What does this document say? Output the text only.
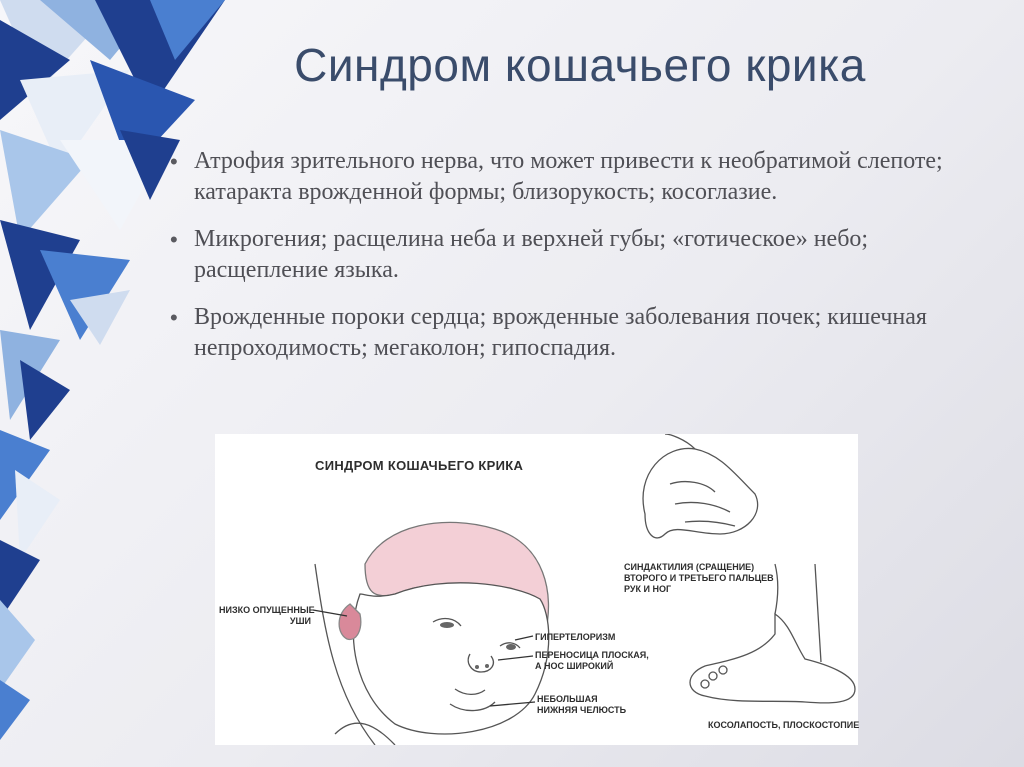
Синдром кошачьего крика
• Атрофия зрительного нерва, что может привести к необратимой слепоте; катаракта врожденной формы; близорукость; косоглазие.
• Микрогения; расщелина неба и верхней губы; «готическое» небо; расщепление языка.
• Врожденные пороки сердца; врожденные заболевания почек; кишечная непроходимость; мегаколон; гипоспадия.
СИНДРОМ КОШАЧЬЕГО КРИКА
НИЗКО ОПУЩЕННЫЕ
УШИ
СИНДАКТИЛИЯ (СРАЩЕНИЕ)
ВТОРОГО И ТРЕТЬЕГО ПАЛЬЦЕВ
РУК И НОГ
ГИПЕРТЕЛОРИЗМ
ПЕРЕНОСИЦА ПЛОСКАЯ,
А НОС ШИРОКИЙ
НЕБОЛЬШАЯ
НИЖНЯЯ ЧЕЛЮСТЬ
КОСОЛАПОСТЬ, ПЛОСКОСТОПИЕ
